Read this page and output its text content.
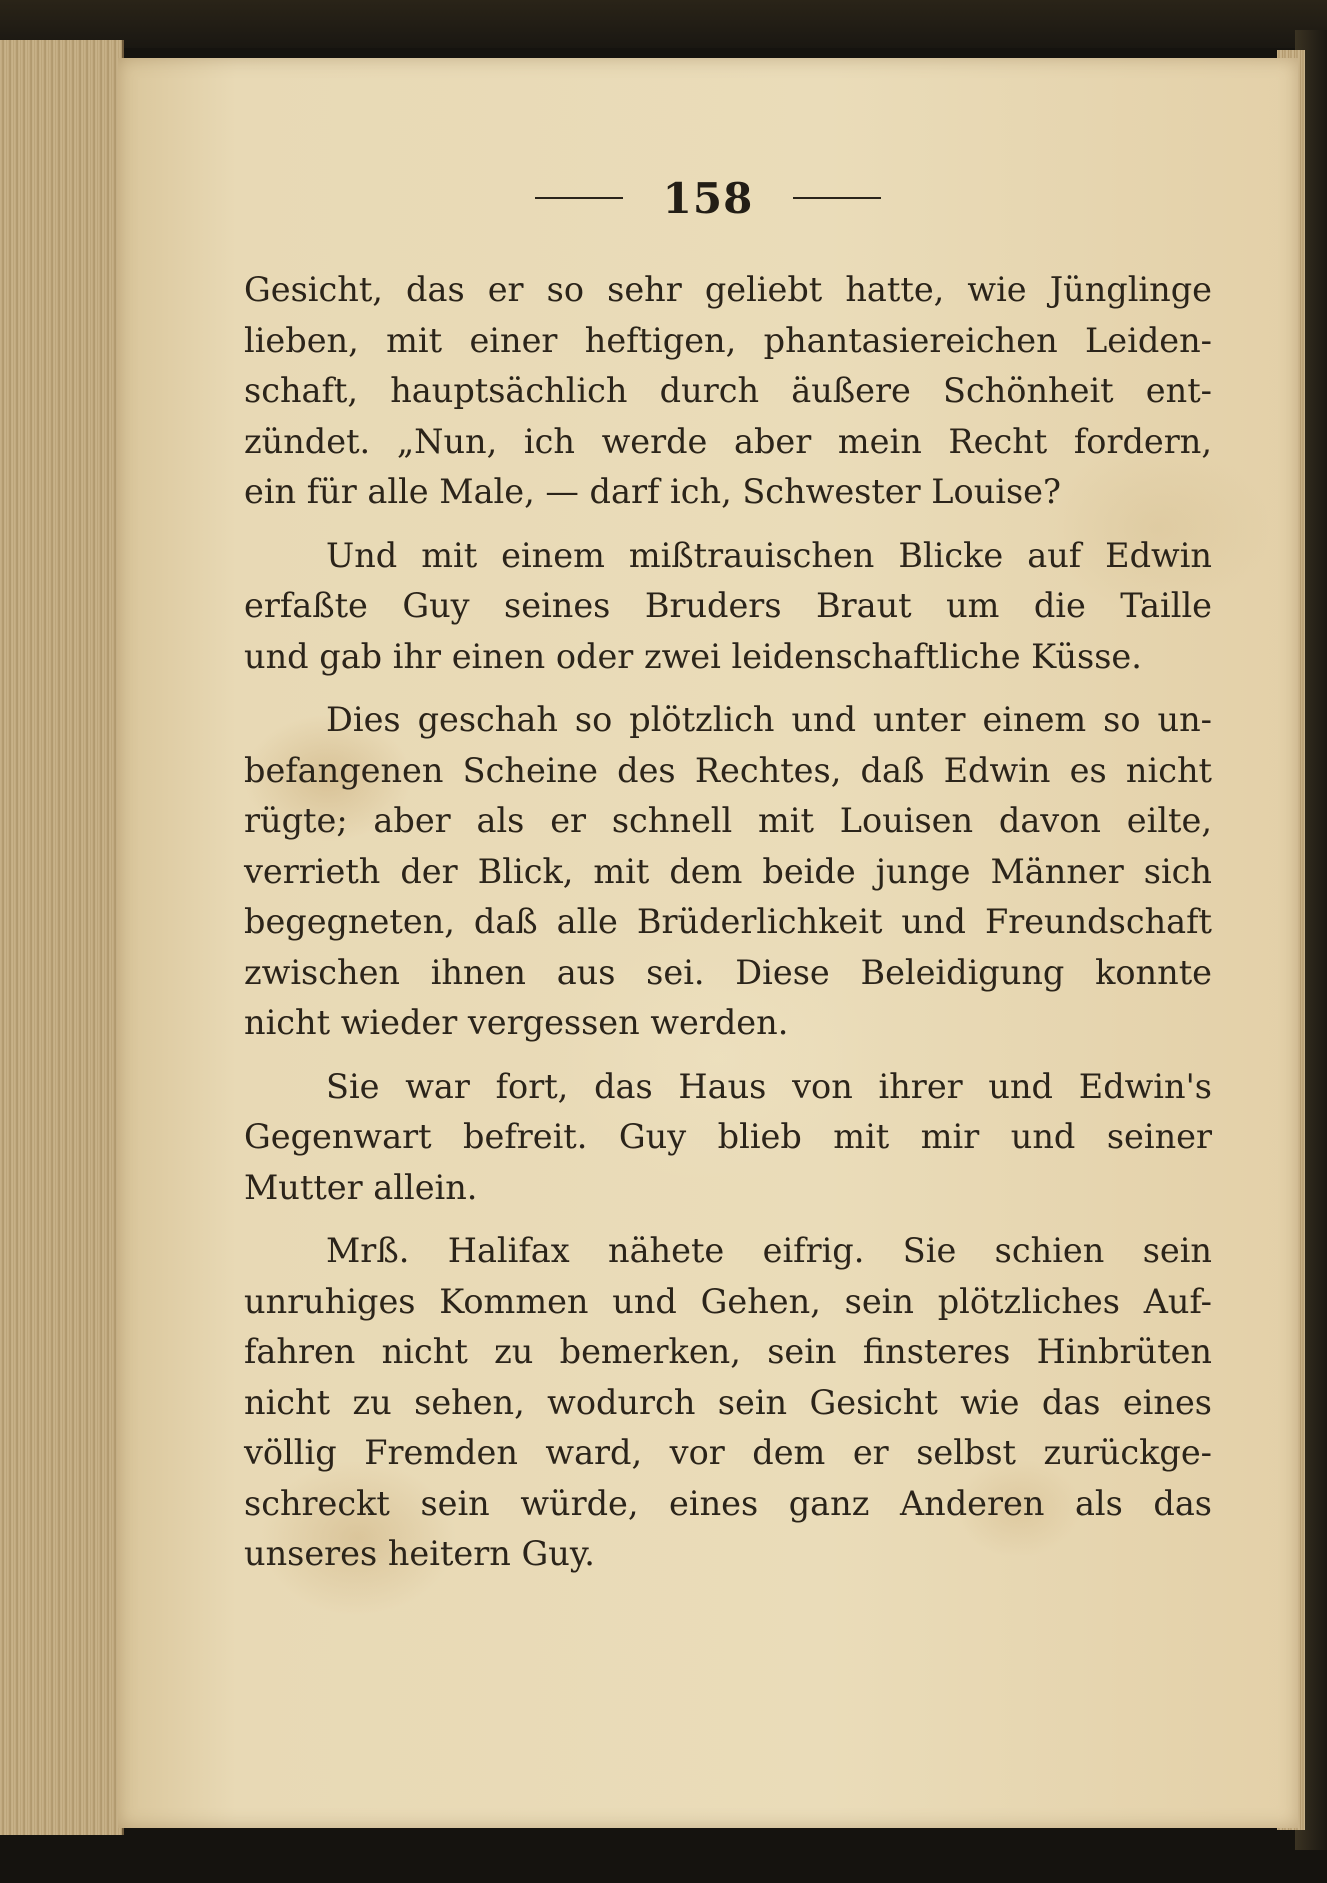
158
Gesicht, das er so sehr geliebt hatte, wie Jünglinge
lieben, mit einer heftigen, phantasiereichen Leiden-
schaft, hauptsächlich durch äußere Schönheit ent-
zündet. „Nun, ich werde aber mein Recht fordern,
ein für alle Male, — darf ich, Schwester Louise?
Und mit einem mißtrauischen Blicke auf Edwin
erfaßte Guy seines Bruders Braut um die Taille
und gab ihr einen oder zwei leidenschaftliche Küsse.
Dies geschah so plötzlich und unter einem so un-
befangenen Scheine des Rechtes, daß Edwin es nicht
rügte; aber als er schnell mit Louisen davon eilte,
verrieth der Blick, mit dem beide junge Männer sich
begegneten, daß alle Brüderlichkeit und Freundschaft
zwischen ihnen aus sei. Diese Beleidigung konnte
nicht wieder vergessen werden.
Sie war fort, das Haus von ihrer und Edwin's
Gegenwart befreit. Guy blieb mit mir und seiner
Mutter allein.
Mrß. Halifax nähete eifrig. Sie schien sein
unruhiges Kommen und Gehen, sein plötzliches Auf-
fahren nicht zu bemerken, sein finsteres Hinbrüten
nicht zu sehen, wodurch sein Gesicht wie das eines
völlig Fremden ward, vor dem er selbst zurückge-
schreckt sein würde, eines ganz Anderen als das
unseres heitern Guy.
